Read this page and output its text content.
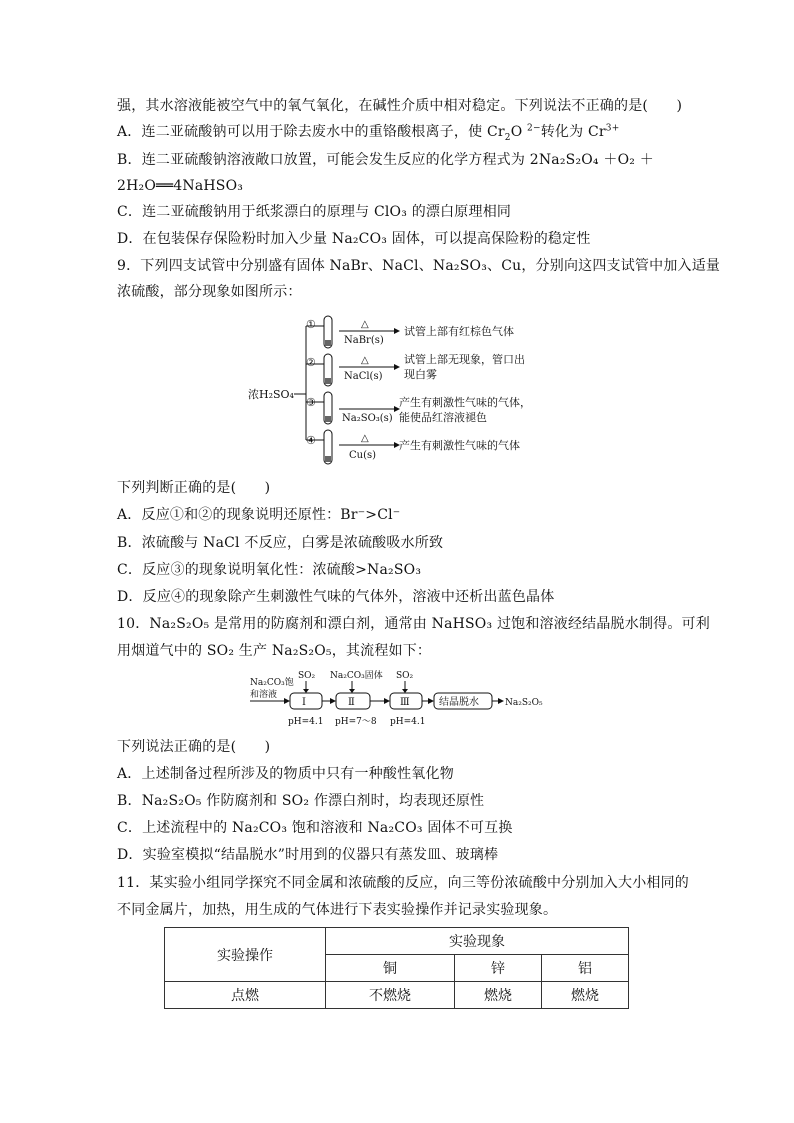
强，其水溶液能被空气中的氧气氧化，在碱性介质中相对稳定。下列说法不正确的是(　　)
A．连二亚硫酸钠可以用于除去废水中的重铬酸根离子，使 $Cr_2O$ $^{2-}$转化为 $Cr^{3+}$
B．连二亚硫酸钠溶液敞口放置，可能会发生反应的化学方程式为 2Na₂S₂O₄ ＋O₂ ＋
2H₂O══4NaHSO₃
C．连二亚硫酸钠用于纸浆漂白的原理与 ClO₃ 的漂白原理相同
D．在包装保存保险粉时加入少量 Na₂CO₃ 固体，可以提高保险粉的稳定性
9．下列四支试管中分别盛有固体 NaBr、NaCl、Na₂SO₃、Cu，分别向这四支试管中加入适量
浓硫酸，部分现象如图所示：
浓H₂SO₄
①	△
NaBr(s)
试管上部有红棕色气体
②	△
NaCl(s)
试管上部无现象，管口出
现白雾
③
Na₂SO₃(s)
产生有刺激性气味的气体，
能使品红溶液褪色
④	△
Cu(s)
产生有刺激性气味的气体
下列判断正确的是(　　)
A．反应①和②的现象说明还原性：Br⁻>Cl⁻
B．浓硫酸与 NaCl 不反应，白雾是浓硫酸吸水所致
C．反应③的现象说明氧化性：浓硫酸>Na₂SO₃
D．反应④的现象除产生刺激性气味的气体外，溶液中还析出蓝色晶体
10．Na₂S₂O₅ 是常用的防腐剂和漂白剂，通常由 NaHSO₃ 过饱和溶液经结晶脱水制得。可利
用烟道气中的 SO₂ 生产 Na₂S₂O₅，其流程如下：
Na₂CO₃饱
和溶液
SO₂
Ⅰ
pH=4.1
Na₂CO₃固体
Ⅱ
pH=7～8
SO₂
Ⅲ
pH=4.1
结晶脱水	Na₂S₂O₅
下列说法正确的是(　　)
A．上述制备过程所涉及的物质中只有一种酸性氧化物
B．Na₂S₂O₅ 作防腐剂和 SO₂ 作漂白剂时，均表现还原性
C．上述流程中的 Na₂CO₃ 饱和溶液和 Na₂CO₃ 固体不可互换
D．实验室模拟“结晶脱水”时用到的仪器只有蒸发皿、玻璃棒
11．某实验小组同学探究不同金属和浓硫酸的反应，向三等份浓硫酸中分别加入大小相同的
不同金属片，加热，用生成的气体进行下表实验操作并记录实验现象。
实验操作	实验现象		
	铜	锌	铝
点燃	不燃烧	燃烧	燃烧
